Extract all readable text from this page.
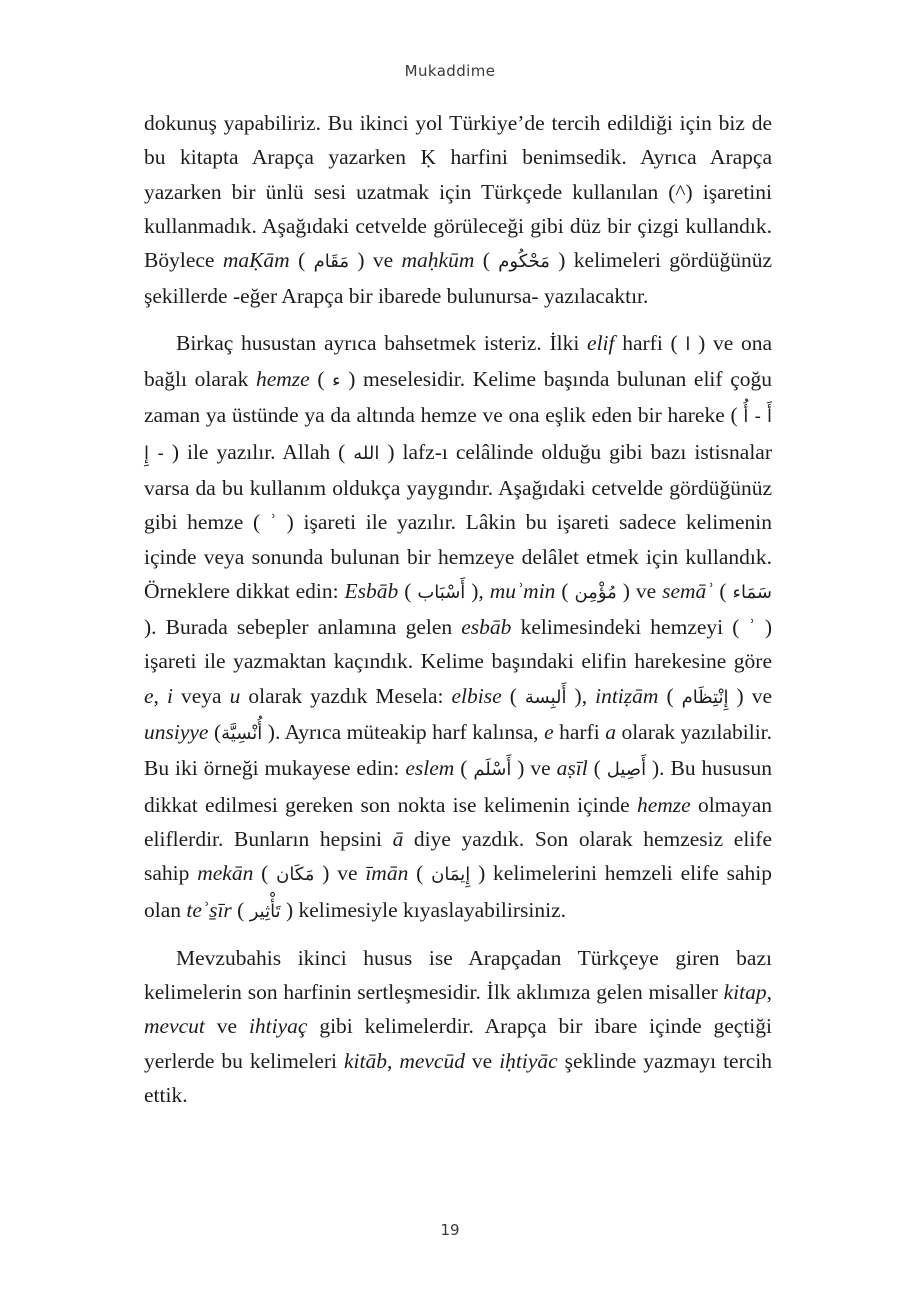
Mukaddime

dokunuş yapabiliriz. Bu ikinci yol Türkiye’de tercih edildiği için biz de bu kitapta Arapça yazarken Ḳ harfini benimsedik. Ayrıca Arapça yazarken bir ünlü sesi uzatmak için Türkçede kullanılan (^) işaretini kullanmadık. Aşağıdaki cetvelde görüleceği gibi düz bir çizgi kullandık. Böylece maḲām ( مَقَام ) ve maḥkūm ( مَحْكُوم ) kelimeleri gördüğünüz şekillerde -eğer Arapça bir ibarede bulunursa- yazılacaktır.

Birkaç husustan ayrıca bahsetmek isteriz. İlki elif harfi ( ا ) ve ona bağlı olarak hemze ( ء ) meselesidir. Kelime başında bulunan elif çoğu zaman ya üstünde ya da altında hemze ve ona eşlik eden bir hareke ( أَ - أُ - إِ ) ile yazılır. Allah ( الله ) lafz-ı celâlinde olduğu gibi bazı istisnalar varsa da bu kullanım oldukça yaygındır. Aşağıdaki cetvelde gördüğünüz gibi hemze ( ʾ ) işareti ile yazılır. Lâkin bu işareti sadece kelimenin içinde veya sonunda bulunan bir hemzeye delâlet etmek için kullandık. Örneklere dikkat edin: Esbāb ( أَسْبَاب ), muʾmin ( مُؤْمِن ) ve semāʾ ( سَمَاء ). Burada sebepler anlamına gelen esbāb kelimesindeki hemzeyi ( ʾ ) işareti ile yazmaktan kaçındık. Kelime başındaki elifin harekesine göre e, i veya u olarak yazdık Mesela: elbise ( أَلبِسة ), intiẓām ( إِنْتِظَام ) ve unsiyye (أُنْسِيَّة ). Ayrıca müteakip harf kalınsa, e harfi a olarak yazılabilir. Bu iki örneği mukayese edin: eslem ( أَسْلَم ) ve aṣīl ( أَصِيل ). Bu hususun dikkat edilmesi gereken son nokta ise kelimenin içinde hemze olmayan eliflerdir. Bunların hepsini ā diye yazdık. Son olarak hemzesiz elife sahip mekān ( مَكَان ) ve īmān ( إِيمَان ) kelimelerini hemzeli elife sahip olan teʾs̱īr ( تَأْثِير ) kelimesiyle kıyaslayabilirsiniz.

Mevzubahis ikinci husus ise Arapçadan Türkçeye giren bazı kelimelerin son harfinin sertleşmesidir. İlk aklımıza gelen misaller kitap, mevcut ve ihtiyaç gibi kelimelerdir. Arapça bir ibare içinde geçtiği yerlerde bu kelimeleri kitāb, mevcūd ve iḥtiyāc şeklinde yazmayı tercih ettik.

19
